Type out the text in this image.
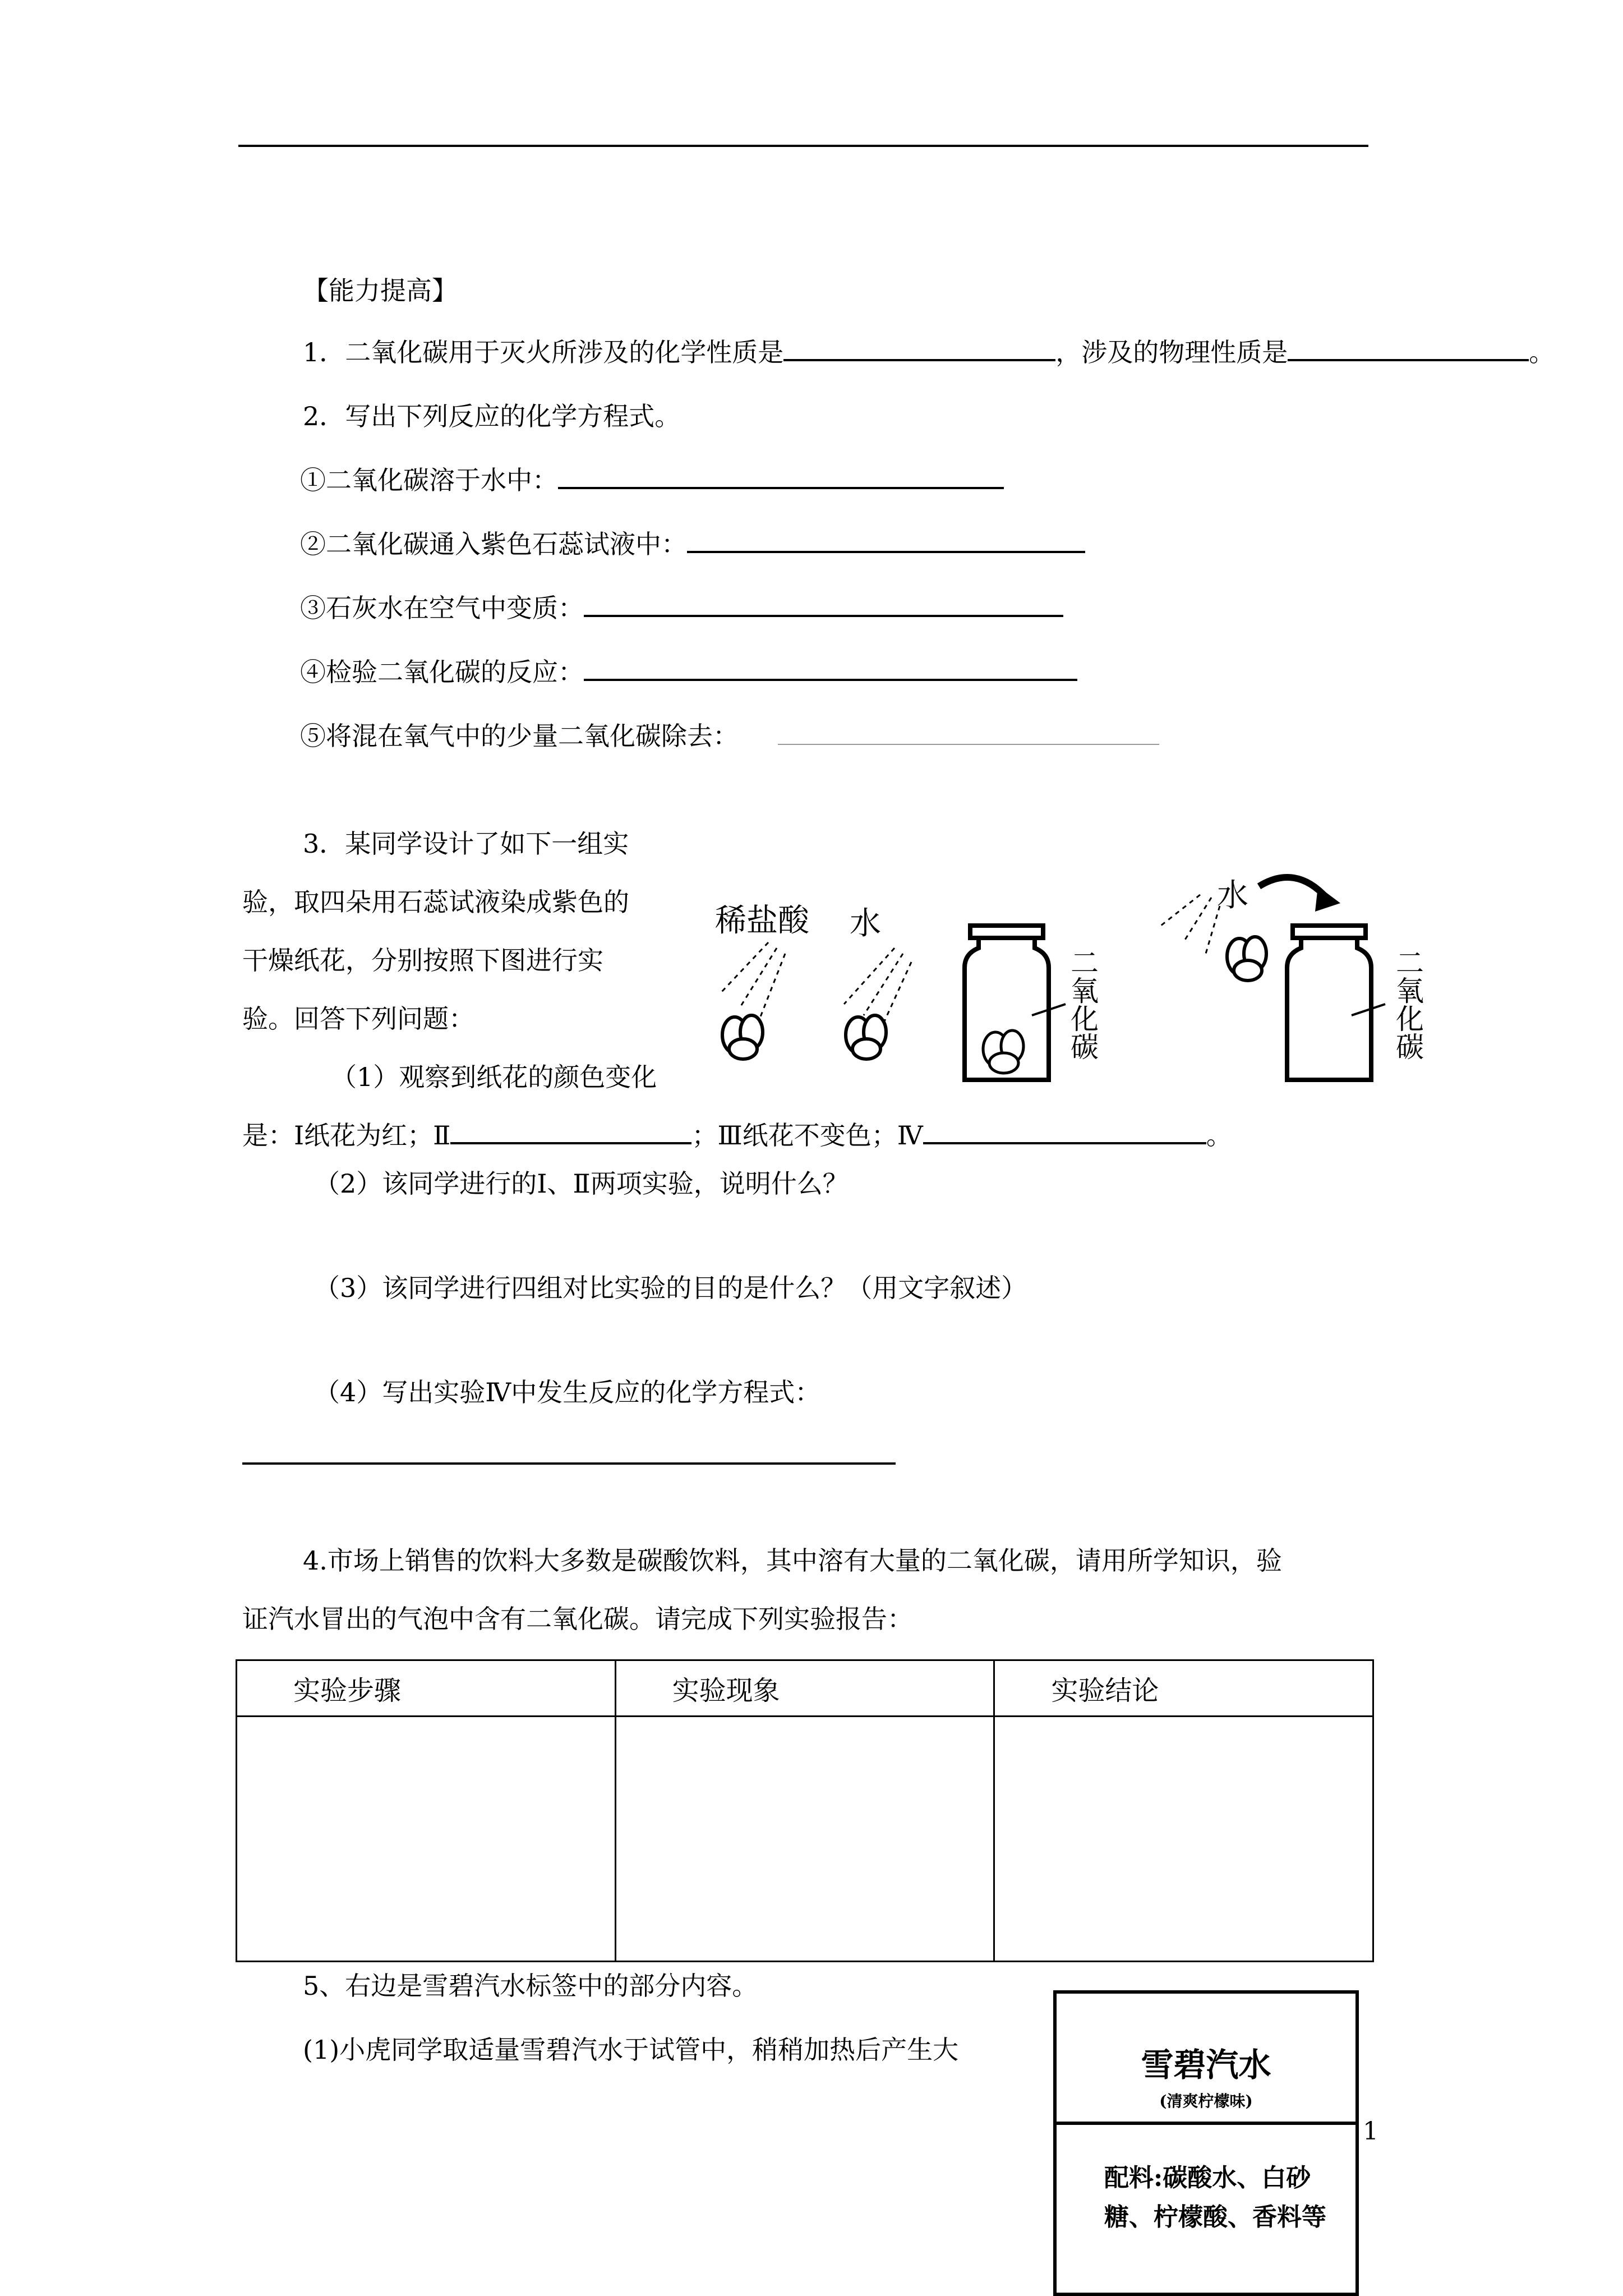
【能力提高】
1．二氧化碳用于灭火所涉及的化学性质是	，涉及的物理性质是	。
2．写出下列反应的化学方程式。
①二氧化碳溶于水中：
②二氧化碳通入紫色石蕊试液中：
③石灰水在空气中变质：
④检验二氧化碳的反应：
⑤将混在氧气中的少量二氧化碳除去：
3．某同学设计了如下一组实
验，取四朵用石蕊试液染成紫色的
干燥纸花，分别按照下图进行实
验。回答下列问题：
（1）观察到纸花的颜色变化
是：Ⅰ纸花为红；Ⅱ	；Ⅲ纸花不变色；Ⅳ	。
稀盐酸 水
水
二氧化碳	二氧化碳
（2）该同学进行的Ⅰ、Ⅱ两项实验，说明什么？
（3）该同学进行四组对比实验的目的是什么？（用文字叙述）
（4）写出实验Ⅳ中发生反应的化学方程式：
4.市场上销售的饮料大多数是碳酸饮料，其中溶有大量的二氧化碳，请用所学知识，验
证汽水冒出的气泡中含有二氧化碳。请完成下列实验报告：
实验步骤	实验现象	实验结论

5、右边是雪碧汽水标签中的部分内容。
(1)小虎同学取适量雪碧汽水于试管中，稍稍加热后产生大	雪碧汽水
(清爽柠檬味)
配料:碳酸水、白砂
糖、柠檬酸、香料等
1
